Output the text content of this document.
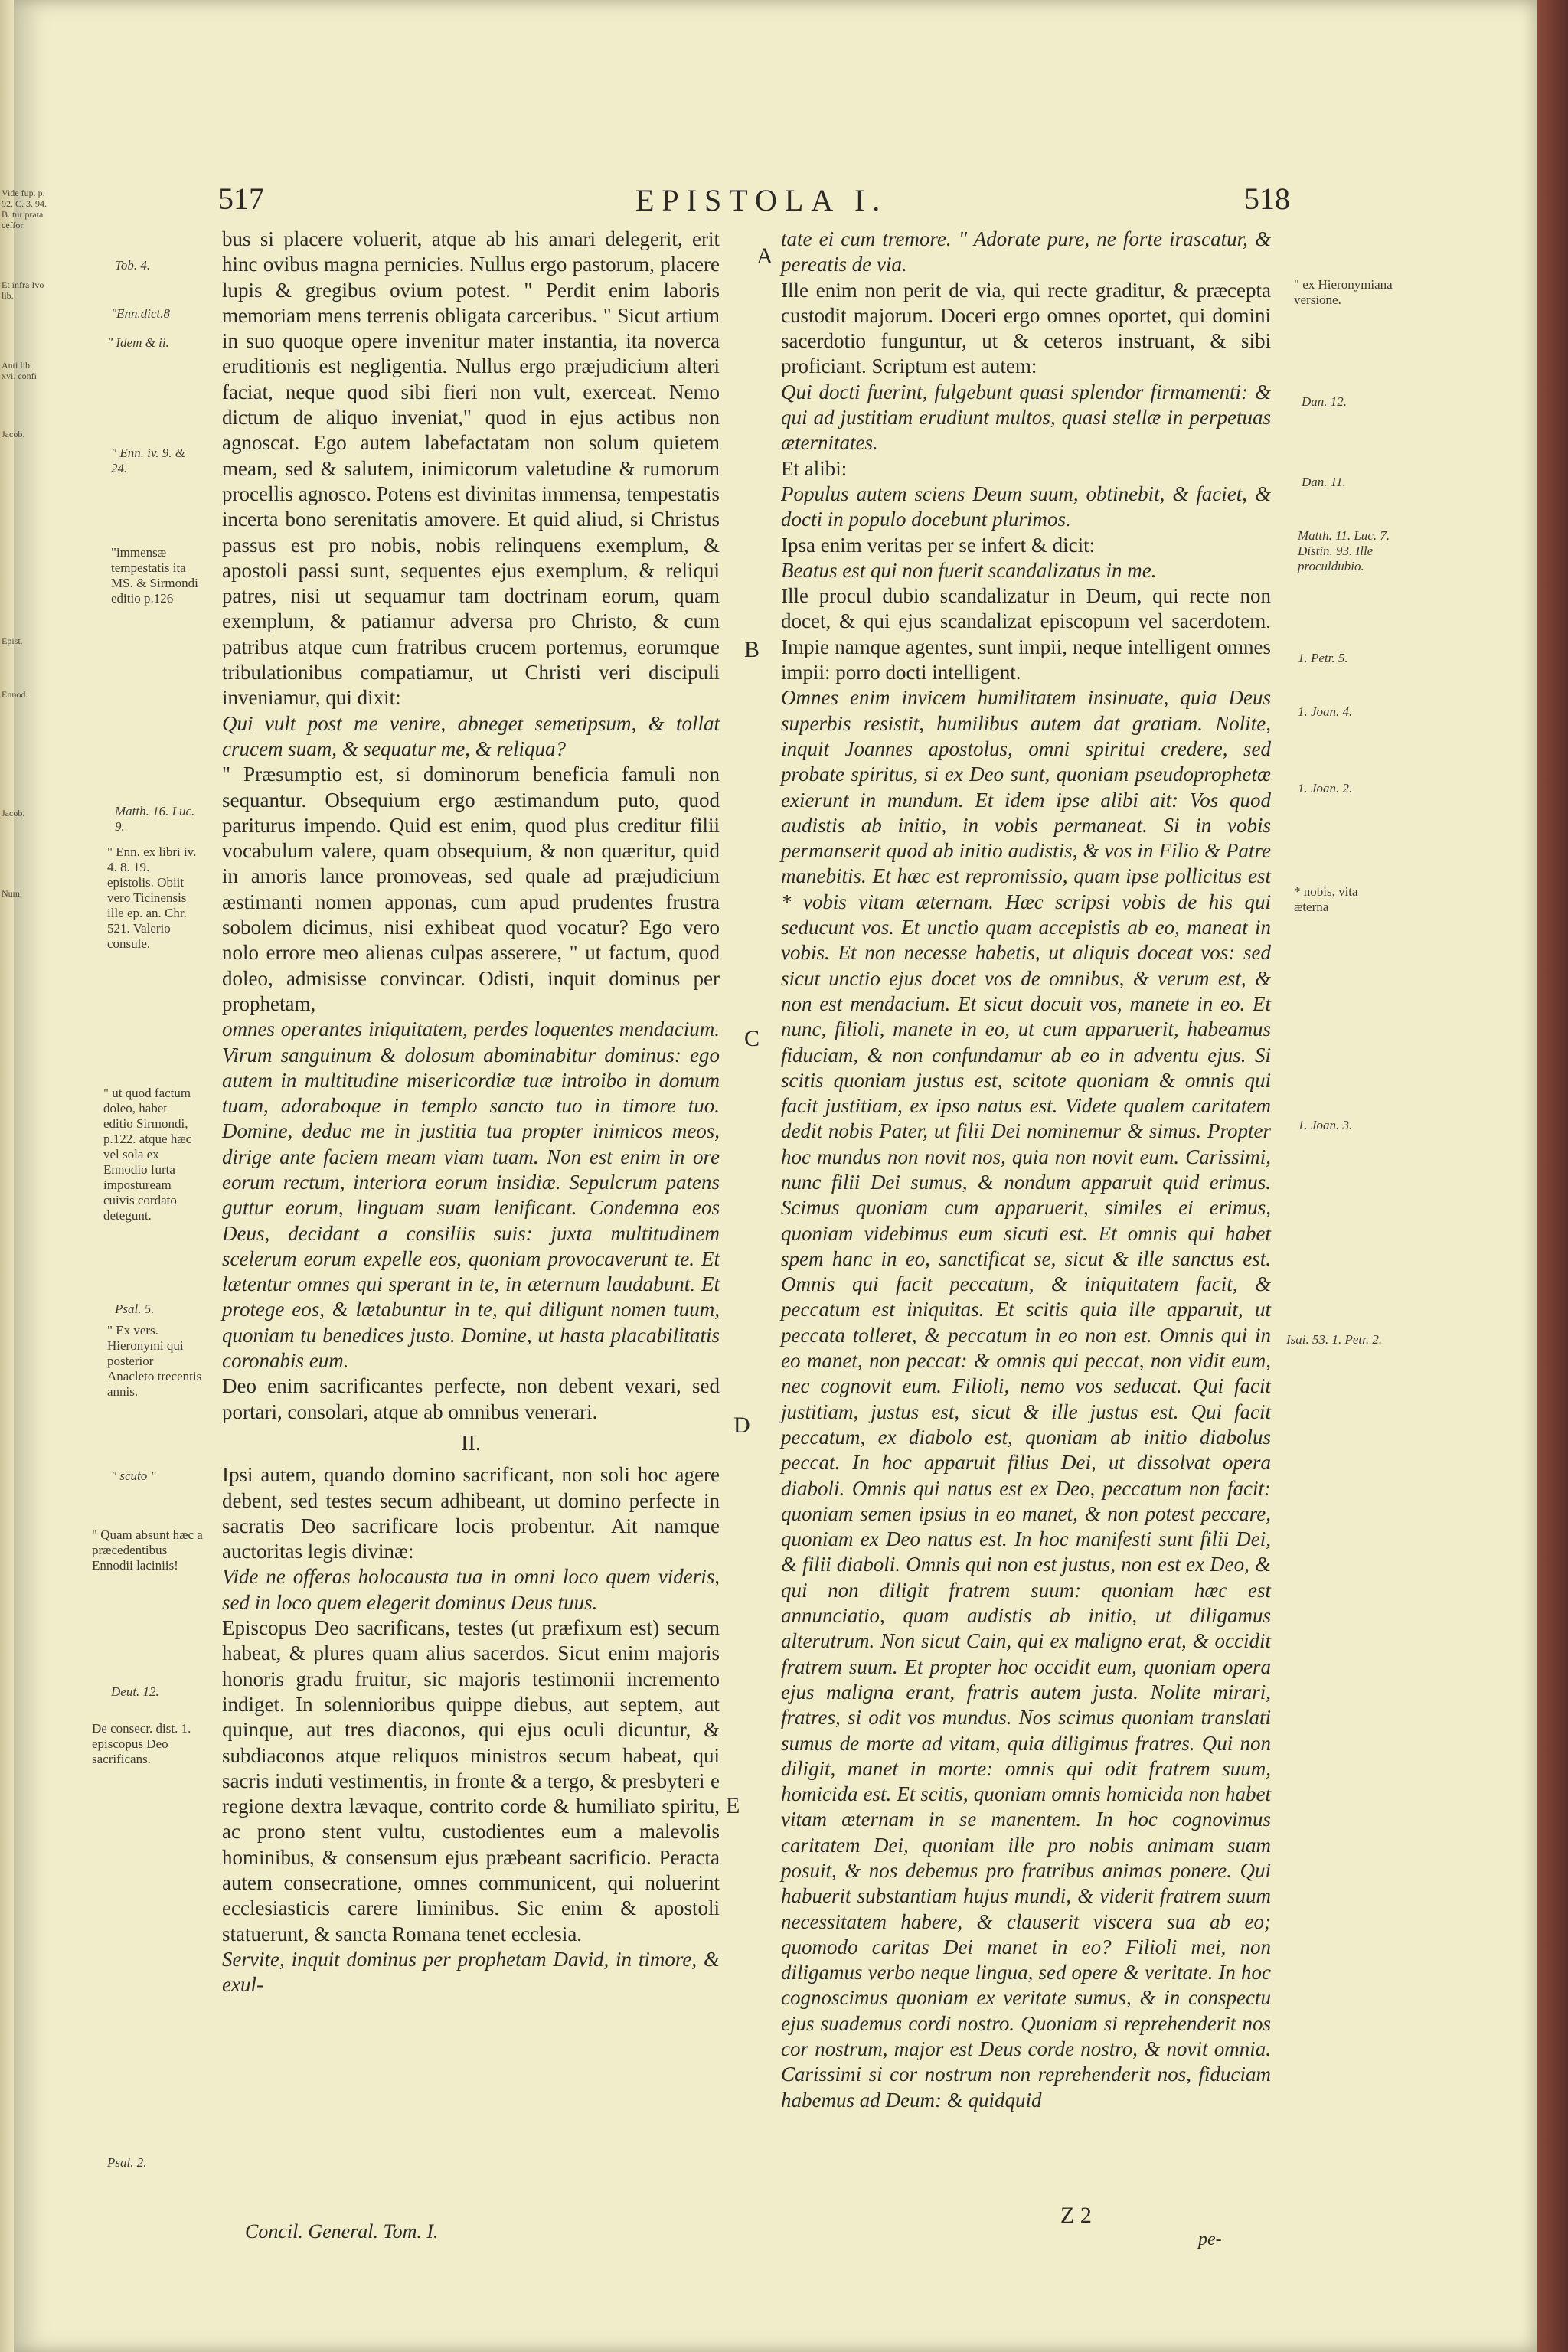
Vide fup. p. 92. C. 3. 94. B. tur prata ceffor.
Et infra Ivo lib.
Anti lib. xvi. confi
Jacob.
Ennod.
Epist.
Jacob.
Num.
517	EPISTOLA I.	518
Tob. 4.
"Enn.dict.8
" Idem & ii.
" Enn. iv. 9. & 24.
"immensæ tempestatis ita MS. & Sirmondi editio p.126
Matth. 16. Luc. 9.
" Enn. ex libri iv. 4. 8. 19. epistolis. Obiit vero Ticinensis ille ep. an. Chr. 521. Valerio consule.
" ut quod factum doleo, habet editio Sirmondi, p.122. atque hæc vel sola ex Ennodio furta impostuream cuivis cordato detegunt.
Psal. 5.
" Ex vers. Hieronymi qui posterior Anacleto trecentis annis.
" scuto "
" Quam absunt hæc a præcedentibus Ennodii laciniis!
Deut. 12.
De consecr. dist. 1. episcopus Deo sacrificans.
Psal. 2.
A
B
C
D
E

bus si placere voluerit, atque ab his amari delegerit, erit hinc ovibus magna pernicies. Nullus ergo pastorum, placere lupis & gregibus ovium potest. " Perdit enim laboris memoriam mens terrenis obligata carceribus. " Sicut artium in suo quoque opere invenitur mater instantia, ita noverca eruditionis est negligentia. Nullus ergo præjudicium alteri faciat, neque quod sibi fieri non vult, exerceat. Nemo dictum de aliquo inveniat," quod in ejus actibus non agnoscat. Ego autem labefactatam non solum quietem meam, sed & salutem, inimicorum valetudine & rumorum procellis agnosco. Potens est divinitas immensa, tempestatis incerta bono serenitatis amovere. Et quid aliud, si Christus passus est pro nobis, nobis relinquens exemplum, & apostoli passi sunt, sequentes ejus exemplum, & reliqui patres, nisi ut sequamur tam doctrinam eorum, quam exemplum, & patiamur adversa pro Christo, & cum patribus atque cum fratribus crucem portemus, eorumque tribulationibus compatiamur, ut Christi veri discipuli inveniamur, qui dixit:

Qui vult post me venire, abneget semetipsum, & tollat crucem suam, & sequatur me, & reliqua?

" Præsumptio est, si dominorum beneficia famuli non sequantur. Obsequium ergo æstimandum puto, quod pariturus impendo. Quid est enim, quod plus creditur filii vocabulum valere, quam obsequium, & non quæritur, quid in amoris lance promoveas, sed quale ad præjudicium æstimanti nomen apponas, cum apud prudentes frustra sobolem dicimus, nisi exhibeat quod vocatur? Ego vero nolo errore meo alienas culpas asserere, " ut factum, quod doleo, admisisse convincar. Odisti, inquit dominus per prophetam,

omnes operantes iniquitatem, perdes loquentes mendacium. Virum sanguinum & dolosum abominabitur dominus: ego autem in multitudine misericordiæ tuæ introibo in domum tuam, adoraboque in templo sancto tuo in timore tuo. Domine, deduc me in justitia tua propter inimicos meos, dirige ante faciem meam viam tuam. Non est enim in ore eorum rectum, interiora eorum insidiæ. Sepulcrum patens guttur eorum, linguam suam lenificant. Condemna eos Deus, decidant a consiliis suis: juxta multitudinem scelerum eorum expelle eos, quoniam provocaverunt te. Et lætentur omnes qui sperant in te, in æternum laudabunt. Et protege eos, & lætabuntur in te, qui diligunt nomen tuum, quoniam tu benedices justo. Domine, ut hasta placabilitatis coronabis eum.

Deo enim sacrificantes perfecte, non debent vexari, sed portari, consolari, atque ab omnibus venerari.

II.

Ipsi autem, quando domino sacrificant, non soli hoc agere debent, sed testes secum adhibeant, ut domino perfecte in sacratis Deo sacrificare locis probentur. Ait namque auctoritas legis divinæ:

Vide ne offeras holocausta tua in omni loco quem videris, sed in loco quem elegerit dominus Deus tuus.

Episcopus Deo sacrificans, testes (ut præfixum est) secum habeat, & plures quam alius sacerdos. Sicut enim majoris honoris gradu fruitur, sic majoris testimonii incremento indiget. In solennioribus quippe diebus, aut septem, aut quinque, aut tres diaconos, qui ejus oculi dicuntur, & subdiaconos atque reliquos ministros secum habeat, qui sacris induti vestimentis, in fronte & a tergo, & presbyteri e regione dextra lævaque, contrito corde & humiliato spiritu, ac prono stent vultu, custodientes eum a malevolis hominibus, & consensum ejus præbeant sacrificio. Peracta autem consecratione, omnes communicent, qui noluerint ecclesiasticis carere liminibus. Sic enim & apostoli statuerunt, & sancta Romana tenet ecclesia.

Servite, inquit dominus per prophetam David, in timore, & exul-

Concil. General. Tom. I.

tate ei cum tremore. " Adorate pure, ne forte irascatur, & pereatis de via.

Ille enim non perit de via, qui recte graditur, & præcepta custodit majorum. Doceri ergo omnes oportet, qui domini sacerdotio funguntur, ut & ceteros instruant, & sibi proficiant. Scriptum est autem:

Qui docti fuerint, fulgebunt quasi splendor firmamenti: & qui ad justitiam erudiunt multos, quasi stellæ in perpetuas æternitates.

Et alibi:

Populus autem sciens Deum suum, obtinebit, & faciet, & docti in populo docebunt plurimos.

Ipsa enim veritas per se infert & dicit:

Beatus est qui non fuerit scandalizatus in me.

Ille procul dubio scandalizatur in Deum, qui recte non docet, & qui ejus scandalizat episcopum vel sacerdotem. Impie namque agentes, sunt impii, neque intelligent omnes impii: porro docti intelligent.

Omnes enim invicem humilitatem insinuate, quia Deus superbis resistit, humilibus autem dat gratiam. Nolite, inquit Joannes apostolus, omni spiritui credere, sed probate spiritus, si ex Deo sunt, quoniam pseudoprophetæ exierunt in mundum. Et idem ipse alibi ait: Vos quod audistis ab initio, in vobis permaneat. Si in vobis permanserit quod ab initio audistis, & vos in Filio & Patre manebitis. Et hæc est repromissio, quam ipse pollicitus est * vobis vitam æternam. Hæc scripsi vobis de his qui seducunt vos. Et unctio quam accepistis ab eo, maneat in vobis. Et non necesse habetis, ut aliquis doceat vos: sed sicut unctio ejus docet vos de omnibus, & verum est, & non est mendacium. Et sicut docuit vos, manete in eo. Et nunc, filioli, manete in eo, ut cum apparuerit, habeamus fiduciam, & non confundamur ab eo in adventu ejus. Si scitis quoniam justus est, scitote quoniam & omnis qui facit justitiam, ex ipso natus est. Videte qualem caritatem dedit nobis Pater, ut filii Dei nominemur & simus. Propter hoc mundus non novit nos, quia non novit eum. Carissimi, nunc filii Dei sumus, & nondum apparuit quid erimus. Scimus quoniam cum apparuerit, similes ei erimus, quoniam videbimus eum sicuti est. Et omnis qui habet spem hanc in eo, sanctificat se, sicut & ille sanctus est. Omnis qui facit peccatum, & iniquitatem facit, & peccatum est iniquitas. Et scitis quia ille apparuit, ut peccata tolleret, & peccatum in eo non est. Omnis qui in eo manet, non peccat: & omnis qui peccat, non vidit eum, nec cognovit eum. Filioli, nemo vos seducat. Qui facit justitiam, justus est, sicut & ille justus est. Qui facit peccatum, ex diabolo est, quoniam ab initio diabolus peccat. In hoc apparuit filius Dei, ut dissolvat opera diaboli. Omnis qui natus est ex Deo, peccatum non facit: quoniam semen ipsius in eo manet, & non potest peccare, quoniam ex Deo natus est. In hoc manifesti sunt filii Dei, & filii diaboli. Omnis qui non est justus, non est ex Deo, & qui non diligit fratrem suum: quoniam hæc est annunciatio, quam audistis ab initio, ut diligamus alterutrum. Non sicut Cain, qui ex maligno erat, & occidit fratrem suum. Et propter hoc occidit eum, quoniam opera ejus maligna erant, fratris autem justa. Nolite mirari, fratres, si odit vos mundus. Nos scimus quoniam translati sumus de morte ad vitam, quia diligimus fratres. Qui non diligit, manet in morte: omnis qui odit fratrem suum, homicida est. Et scitis, quoniam omnis homicida non habet vitam æternam in se manentem. In hoc cognovimus caritatem Dei, quoniam ille pro nobis animam suam posuit, & nos debemus pro fratribus animas ponere. Qui habuerit substantiam hujus mundi, & viderit fratrem suum necessitatem habere, & clauserit viscera sua ab eo; quomodo caritas Dei manet in eo? Filioli mei, non diligamus verbo neque lingua, sed opere & veritate. In hoc cognoscimus quoniam ex veritate sumus, & in conspectu ejus suademus cordi nostro. Quoniam si reprehenderit nos cor nostrum, major est Deus corde nostro, & novit omnia. Carissimi si cor nostrum non reprehenderit nos, fiduciam habemus ad Deum: & quidquid

" ex Hieronymiana versione.
Dan. 12.
Dan. 11.
Matth. 11. Luc. 7. Distin. 93. Ille proculdubio.
1. Petr. 5.
1. Joan. 4.
1. Joan. 2.
* nobis, vita æterna
1. Joan. 3.
Isai. 53. 1. Petr. 2.
Z 2
pe-
